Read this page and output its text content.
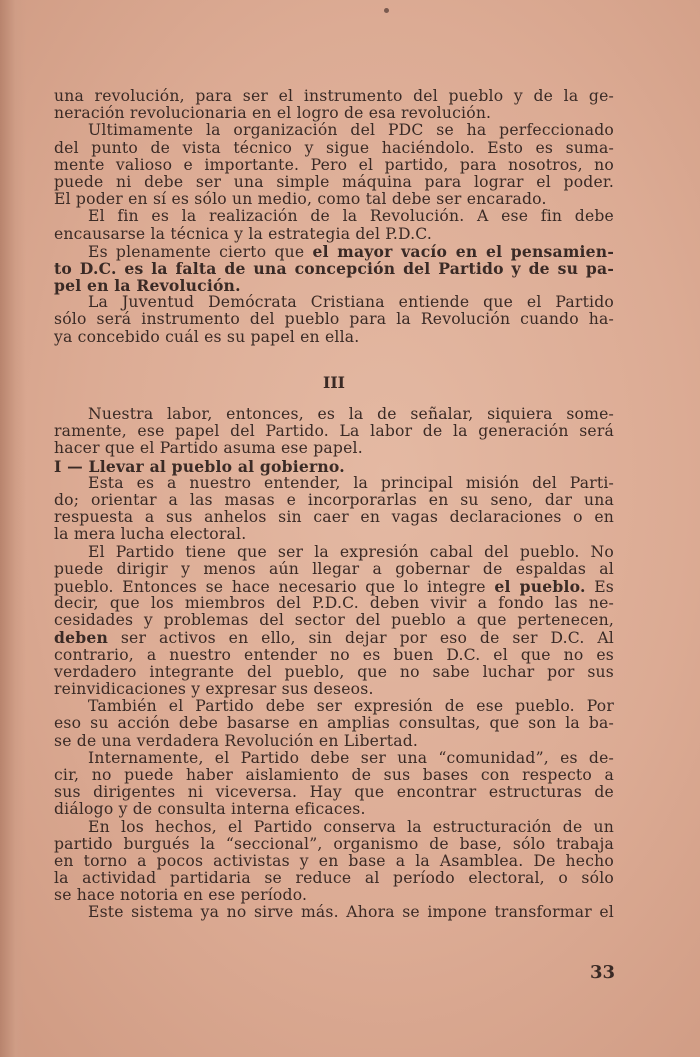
una revolución, para ser el instrumento del pueblo y de la ge-
neración revolucionaria en el logro de esa revolución.
Ultimamente la organización del PDC se ha perfeccionado
del punto de vista técnico y sigue haciéndolo. Esto es suma-
mente valioso e importante. Pero el partido, para nosotros, no
puede ni debe ser una simple máquina para lograr el poder.
El poder en sí es sólo un medio, como tal debe ser encarado.
El fin es la realización de la Revolución. A ese fin debe
encausarse la técnica y la estrategia del P.D.C.
Es plenamente cierto que el mayor vacío en el pensamien-
to D.C. es la falta de una concepción del Partido y de su pa-
pel en la Revolución.
La Juventud Demócrata Cristiana entiende que el Partido
sólo será instrumento del pueblo para la Revolución cuando ha-
ya concebido cuál es su papel en ella.
III
Nuestra labor, entonces, es la de señalar, siquiera some-
ramente, ese papel del Partido. La labor de la generación será
hacer que el Partido asuma ese papel.
I — Llevar al pueblo al gobierno.
Esta es a nuestro entender, la principal misión del Parti-
do; orientar a las masas e incorporarlas en su seno, dar una
respuesta a sus anhelos sin caer en vagas declaraciones o en
la mera lucha electoral.
El Partido tiene que ser la expresión cabal del pueblo. No
puede dirigir y menos aún llegar a gobernar de espaldas al
pueblo. Entonces se hace necesario que lo integre el pueblo. Es
decir, que los miembros del P.D.C. deben vivir a fondo las ne-
cesidades y problemas del sector del pueblo a que pertenecen,
deben ser activos en ello, sin dejar por eso de ser D.C. Al
contrario, a nuestro entender no es buen D.C. el que no es
verdadero integrante del pueblo, que no sabe luchar por sus
reinvidicaciones y expresar sus deseos.
También el Partido debe ser expresión de ese pueblo. Por
eso su acción debe basarse en amplias consultas, que son la ba-
se de una verdadera Revolución en Libertad.
Internamente, el Partido debe ser una “comunidad”, es de-
cir, no puede haber aislamiento de sus bases con respecto a
sus dirigentes ni viceversa. Hay que encontrar estructuras de
diálogo y de consulta interna eficaces.
En los hechos, el Partido conserva la estructuración de un
partido burgués la “seccional”, organismo de base, sólo trabaja
en torno a pocos activistas y en base a la Asamblea. De hecho
la actividad partidaria se reduce al período electoral, o sólo
se hace notoria en ese período.
Este sistema ya no sirve más. Ahora se impone transformar el
33
